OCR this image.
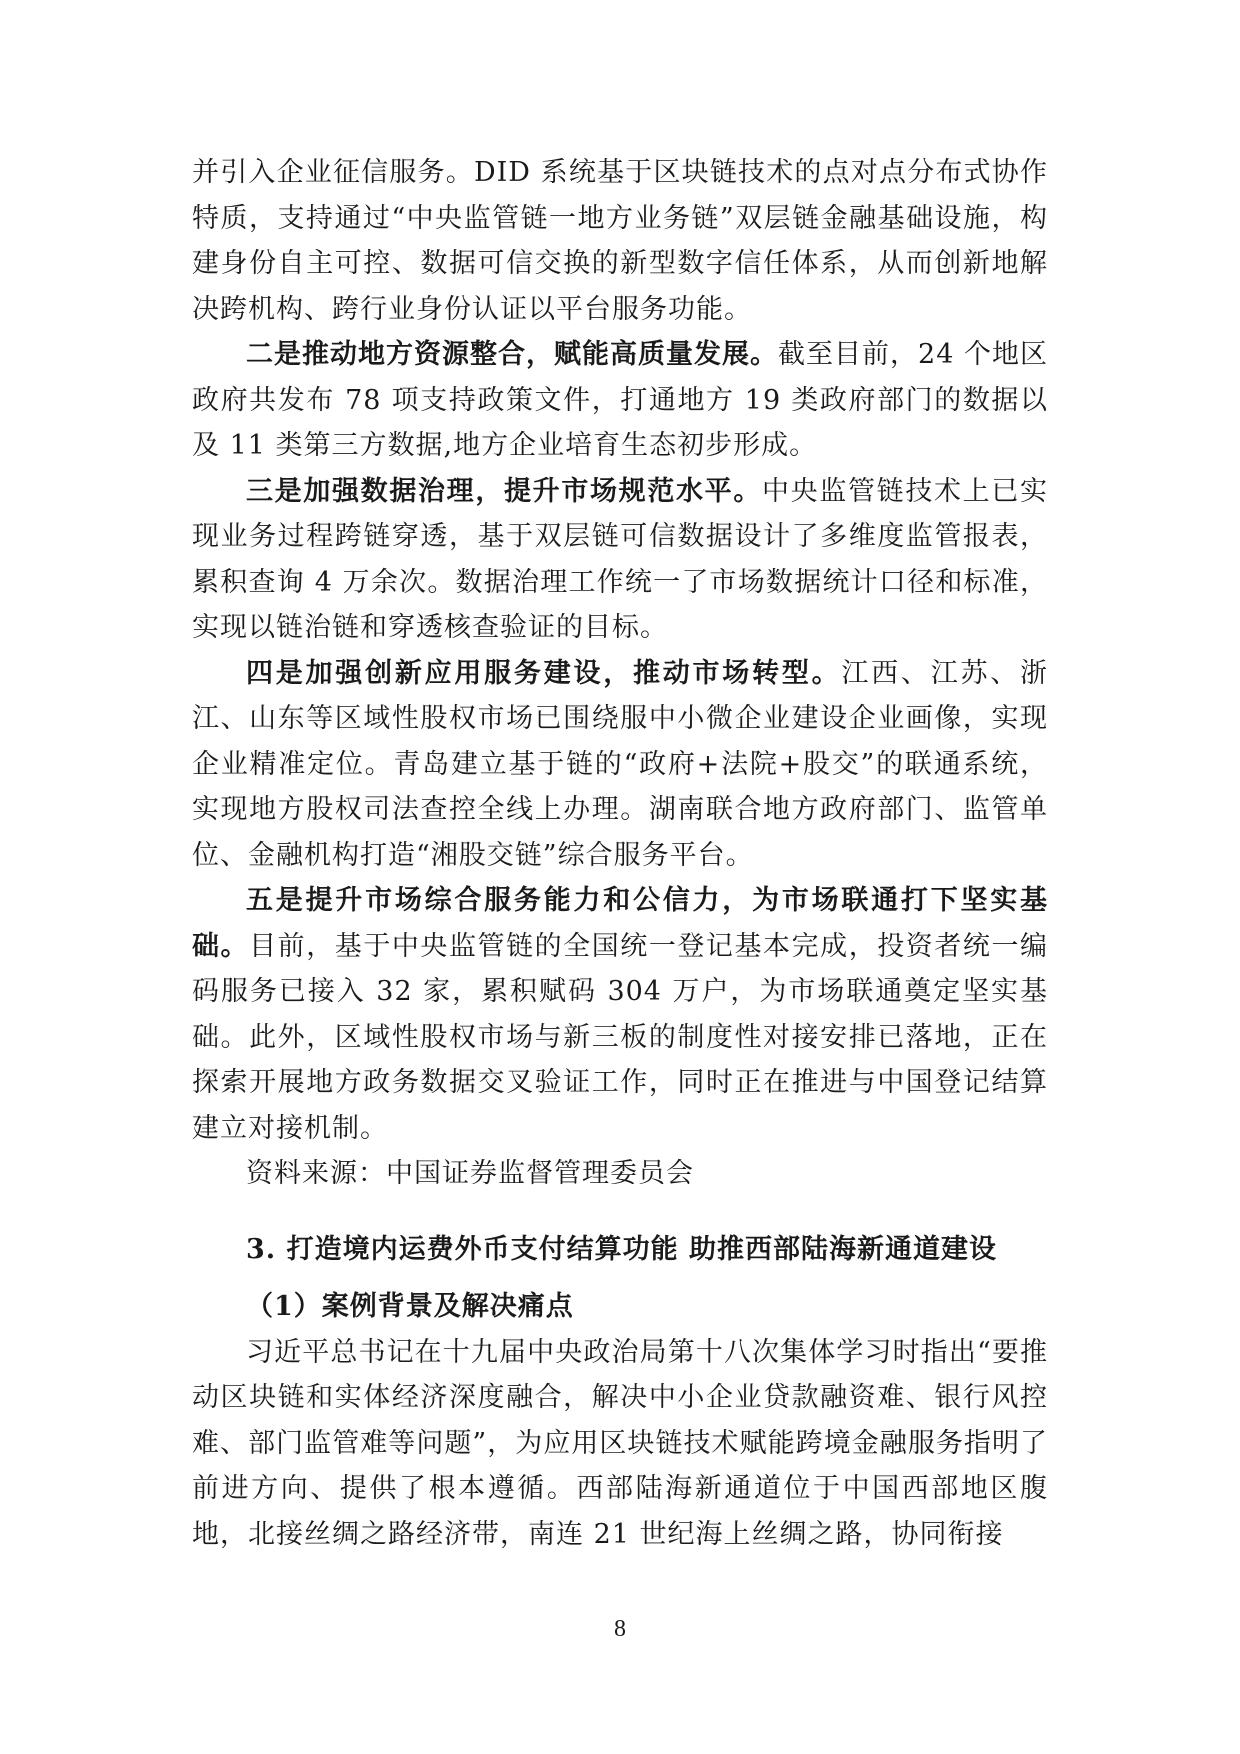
并引入企业征信服务。DID 系统基于区块链技术的点对点分布式协作特质，支持通过“中央监管链一地方业务链”双层链金融基础设施，构建身份自主可控、数据可信交换的新型数字信任体系，从而创新地解决跨机构、跨行业身份认证以平台服务功能。

二是推动地方资源整合，赋能高质量发展。截至目前，24 个地区政府共发布 78 项支持政策文件，打通地方 19 类政府部门的数据以及 11 类第三方数据,地方企业培育生态初步形成。

三是加强数据治理，提升市场规范水平。中央监管链技术上已实现业务过程跨链穿透，基于双层链可信数据设计了多维度监管报表，累积查询 4 万余次。数据治理工作统一了市场数据统计口径和标准，实现以链治链和穿透核查验证的目标。

四是加强创新应用服务建设，推动市场转型。江西、江苏、浙江、山东等区域性股权市场已围绕服中小微企业建设企业画像，实现企业精准定位。青岛建立基于链的“政府+法院+股交”的联通系统，实现地方股权司法查控全线上办理。湖南联合地方政府部门、监管单位、金融机构打造“湘股交链”综合服务平台。

五是提升市场综合服务能力和公信力，为市场联通打下坚实基础。目前，基于中央监管链的全国统一登记基本完成，投资者统一编码服务已接入 32 家，累积赋码 304 万户，为市场联通奠定坚实基础。此外，区域性股权市场与新三板的制度性对接安排已落地，正在探索开展地方政务数据交叉验证工作，同时正在推进与中国登记结算建立对接机制。

资料来源：中国证券监督管理委员会

3. 打造境内运费外币支付结算功能 助推西部陆海新通道建设

（1）案例背景及解决痛点

习近平总书记在十九届中央政治局第十八次集体学习时指出“要推动区块链和实体经济深度融合，解决中小企业贷款融资难、银行风控难、部门监管难等问题”，为应用区块链技术赋能跨境金融服务指明了前进方向、提供了根本遵循。西部陆海新通道位于中国西部地区腹地，北接丝绸之路经济带，南连 21 世纪海上丝绸之路，协同衔接

8
